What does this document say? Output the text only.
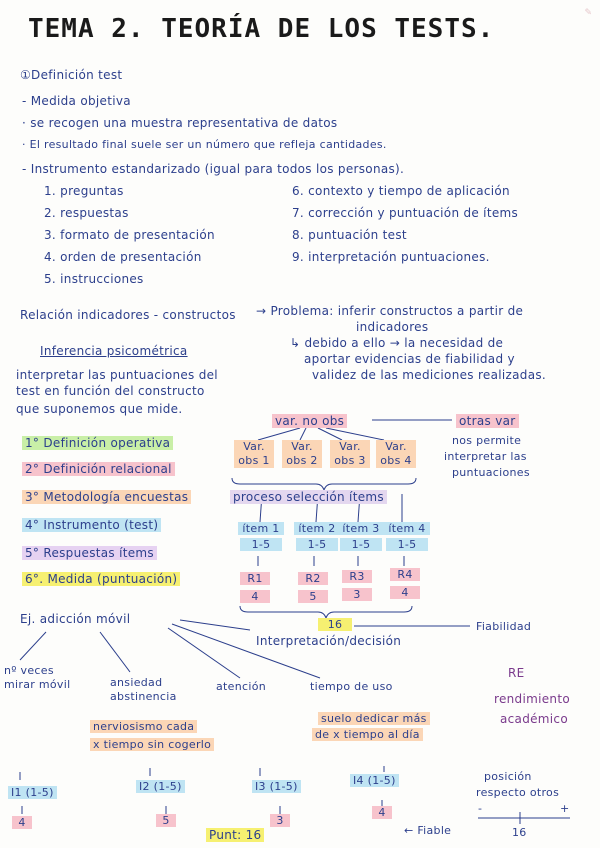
✎
TEMA 2. TEORÍA DE LOS TESTS.
①Definición test
- Medida objetiva
· se recogen una muestra representativa de datos
· El resultado final suele ser un número que refleja cantidades.
- Instrumento estandarizado (igual para todos los personas).
1. preguntas
2. respuestas
3. formato de presentación
4. orden de presentación
5. instrucciones
6. contexto y tiempo de aplicación
7. corrección y puntuación de ítems
8. puntuación test
9. interpretación puntuaciones.
Relación indicadores - constructos → Problema: inferir constructos a partir de
indicadores
↳ debido a ello → la necesidad de
aportar evidencias de fiabilidad y
validez de las mediciones realizadas.
Inferencia psicométrica
interpretar las puntuaciones del
test en función del constructo
que suponemos que mide.
1° Definición operativa
2° Definición relacional
3° Metodología encuestas
4° Instrumento (test)
5° Respuestas ítems
6°. Medida (puntuación)
var. no obs	otras var
nos permite
interpretar las
puntuaciones
Var. obs 1
Var. obs 2
Var. obs 3
Var. obs 4
proceso selección ítems
ítem 1	ítem 2 ítem 3 ítem 4
1-5	1-5	1-5	1-5
R1	R2	R3	R4
4	5	3	4
16	Fiabilidad
Interpretación/decisión
Ej. adicción móvil
nº veces mirar móvil	ansiedad abstinencia
atención	tiempo de uso
nerviosismo cada
x tiempo sin cogerlo
suelo dedicar más
de x tiempo al día
RE
rendimiento
académico
I1 (1-5)	I2 (1-5)	I3 (1-5)	I4 (1-5)
4	5	3
4
Punt: 16	← Fiable
posición
respecto otros
-	+
16
